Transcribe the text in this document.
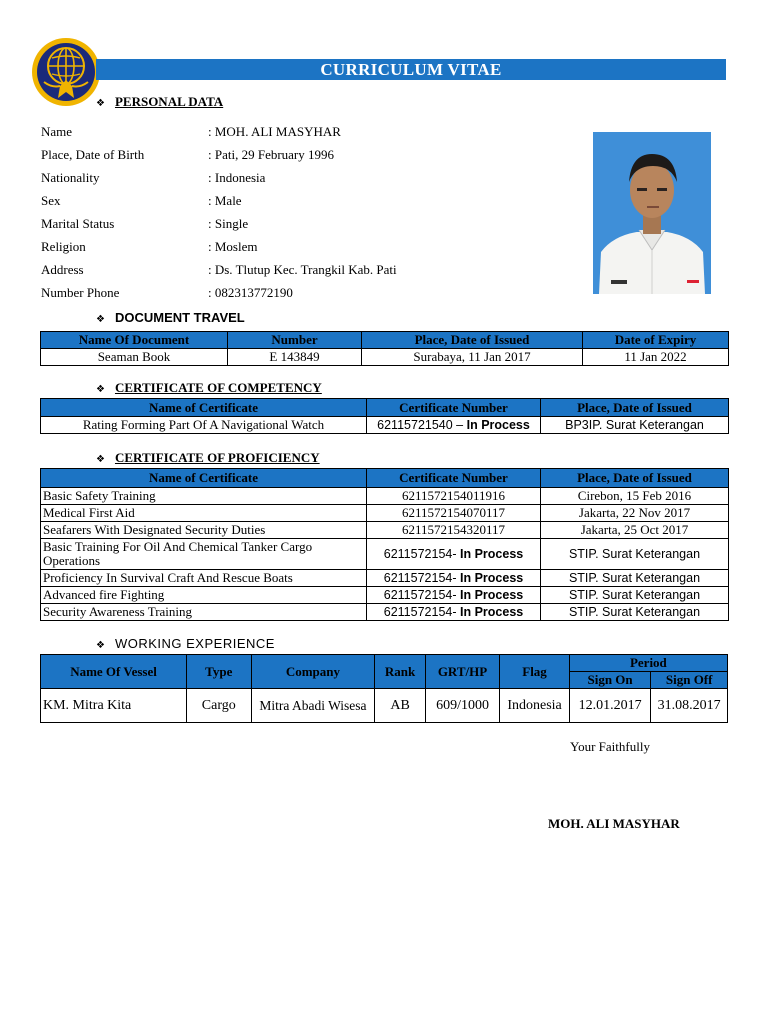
CURRICULUM VITAE
❖ PERSONAL DATA
Name	: MOH. ALI MASYHAR
Place, Date of Birth	: Pati, 29 February 1996
Nationality	: Indonesia
Sex	: Male
Marital Status	: Single
Religion	: Moslem
Address	: Ds. Tlutup Kec. Trangkil Kab. Pati
Number Phone	: 082313772190
❖ DOCUMENT TRAVEL
Name Of Document	Number	Place, Date of Issued	Date of Expiry
Seaman Book	E 143849	Surabaya, 11 Jan 2017	11 Jan 2022
❖ CERTIFICATE OF COMPETENCY
Name of Certificate	Certificate Number	Place, Date of Issued
Rating Forming Part Of A Navigational Watch	62115721540 – In Process	BP3IP. Surat Keterangan
❖ CERTIFICATE OF PROFICIENCY
Name of Certificate	Certificate Number	Place, Date of Issued
Basic Safety Training	6211572154011916	Cirebon, 15 Feb 2016
Medical First Aid	6211572154070117	Jakarta, 22 Nov 2017
Seafarers With Designated Security Duties	6211572154320117	Jakarta, 25 Oct 2017
Basic Training For Oil And Chemical Tanker Cargo Operations	6211572154- In Process	STIP. Surat Keterangan
Proficiency In Survival Craft And Rescue Boats	6211572154- In Process	STIP. Surat Keterangan
Advanced fire Fighting	6211572154- In Process	STIP. Surat Keterangan
Security Awareness Training	6211572154- In Process	STIP. Surat Keterangan
❖ WORKING EXPERIENCE
Name Of Vessel	Type	Company	Rank	GRT/HP	Flag	Period	
						Sign On	Sign Off
KM. Mitra Kita	Cargo	Mitra Abadi Wisesa	AB	609/1000	Indonesia	12.01.2017	31.08.2017
Your Faithfully
MOH. ALI MASYHAR
